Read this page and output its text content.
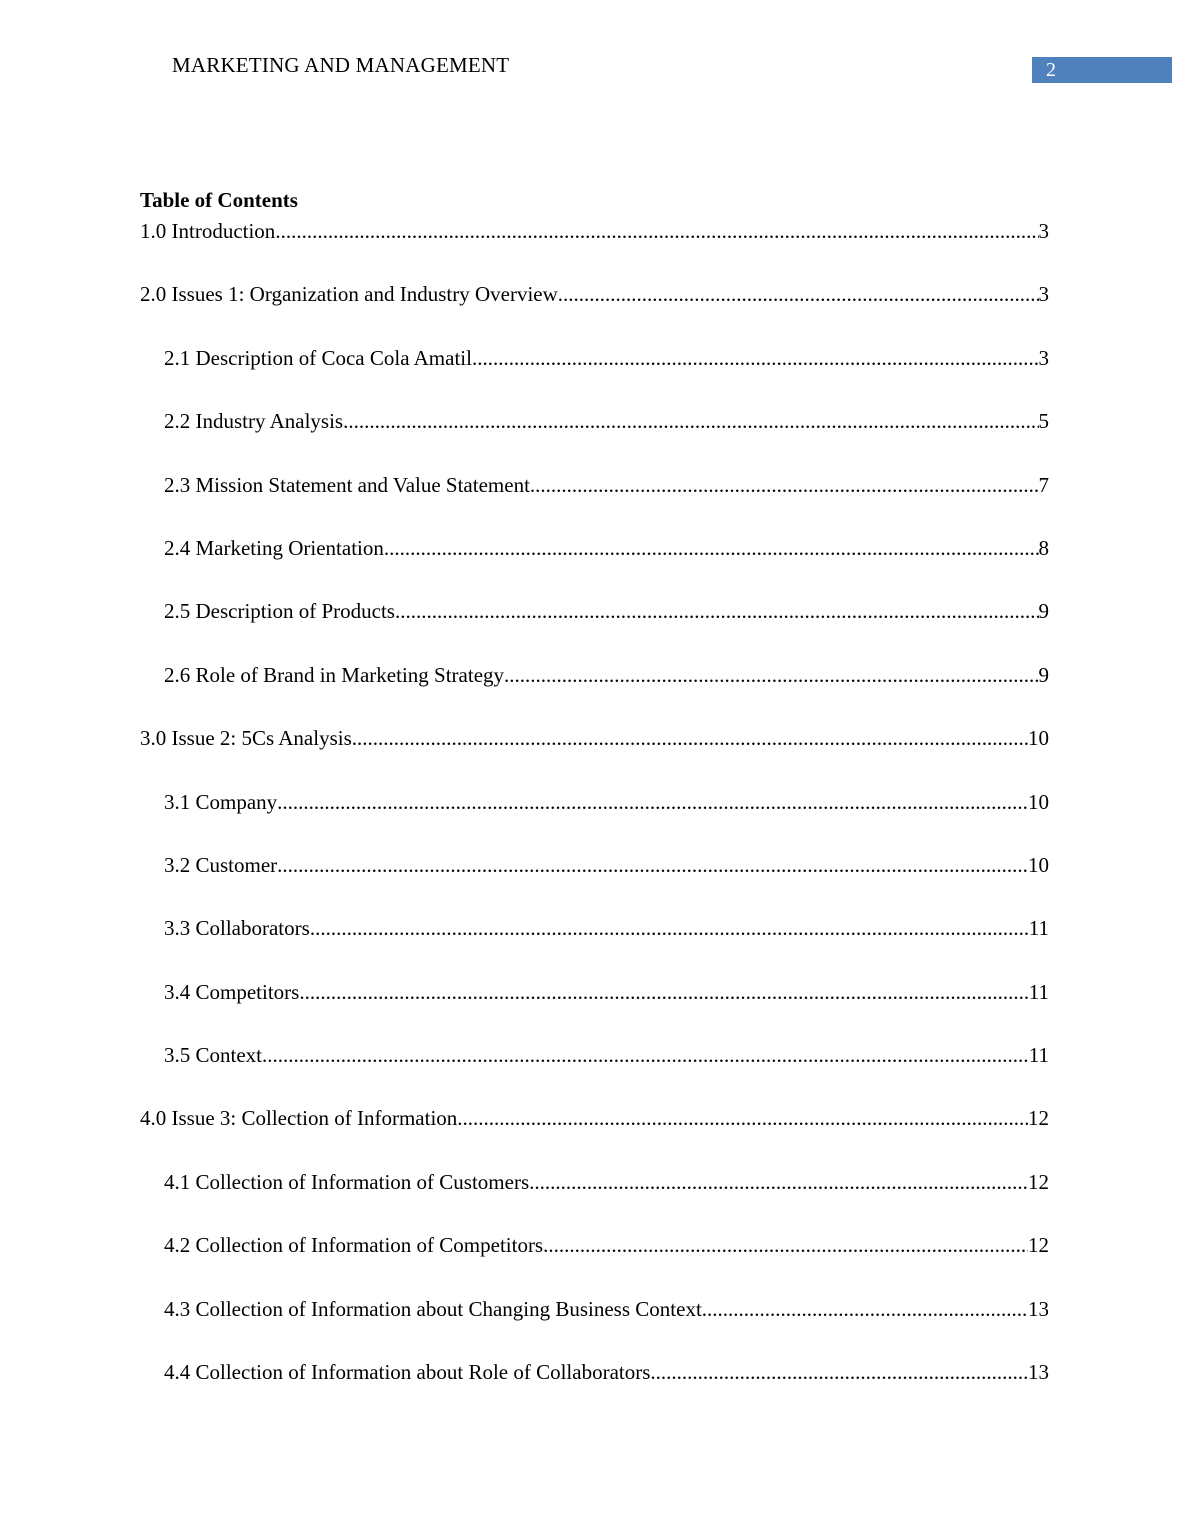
MARKETING AND MANAGEMENT	2
Table of Contents
1.0 Introduction .....	3
2.0 Issues 1: Organization and Industry Overview .....	3
2.1 Description of Coca Cola Amatil .....	3
2.2 Industry Analysis .....	5
2.3 Mission Statement and Value Statement .....	7
2.4 Marketing Orientation .....	8
2.5 Description of Products .....	9
2.6 Role of Brand in Marketing Strategy .....	9
3.0 Issue 2: 5Cs Analysis .....	10
3.1 Company .....	10
3.2 Customer .....	10
3.3 Collaborators .....	11
3.4 Competitors .....	11
3.5 Context .....	11
4.0 Issue 3: Collection of Information .....	12
4.1 Collection of Information of Customers .....	12
4.2 Collection of Information of Competitors .....	12
4.3 Collection of Information about Changing Business Context .....	13
4.4 Collection of Information about Role of Collaborators .....	13
